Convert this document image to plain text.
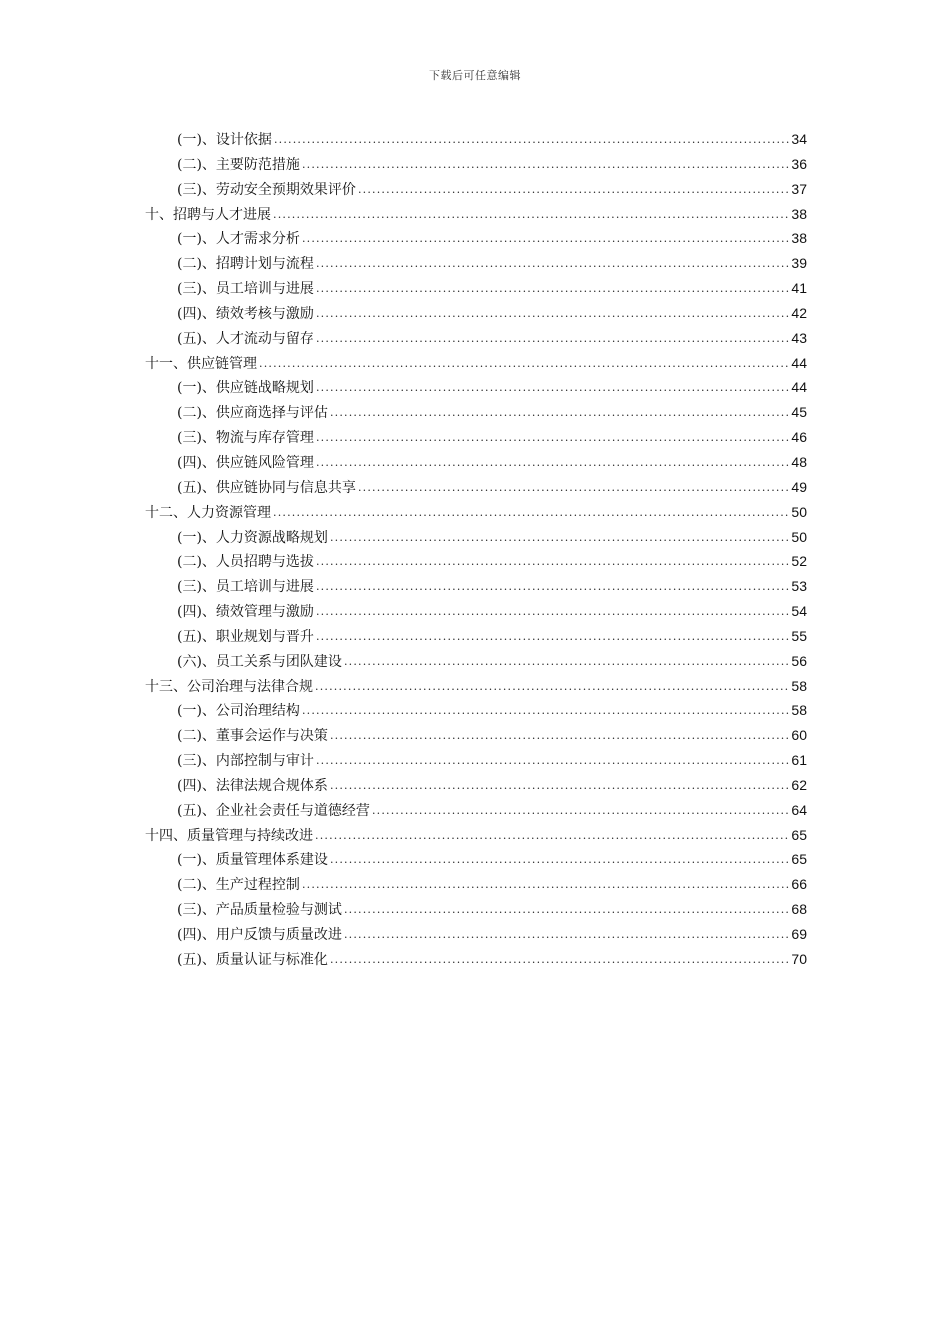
下载后可任意编辑
(一)、设计依据 .....	34
(二)、主要防范措施 .....	36
(三)、劳动安全预期效果评价 .....	37
十、招聘与人才进展 .....	38
(一)、人才需求分析 .....	38
(二)、招聘计划与流程 .....	39
(三)、员工培训与进展 .....	41
(四)、绩效考核与激励 .....	42
(五)、人才流动与留存 .....	43
十一、供应链管理 .....	44
(一)、供应链战略规划 .....	44
(二)、供应商选择与评估 .....	45
(三)、物流与库存管理 .....	46
(四)、供应链风险管理 .....	48
(五)、供应链协同与信息共享 .....	49
十二、人力资源管理 .....	50
(一)、人力资源战略规划 .....	50
(二)、人员招聘与选拔 .....	52
(三)、员工培训与进展 .....	53
(四)、绩效管理与激励 .....	54
(五)、职业规划与晋升 .....	55
(六)、员工关系与团队建设 .....	56
十三、公司治理与法律合规 .....	58
(一)、公司治理结构 .....	58
(二)、董事会运作与决策 .....	60
(三)、内部控制与审计 .....	61
(四)、法律法规合规体系 .....	62
(五)、企业社会责任与道德经营 .....	64
十四、质量管理与持续改进 .....	65
(一)、质量管理体系建设 .....	65
(二)、生产过程控制 .....	66
(三)、产品质量检验与测试 .....	68
(四)、用户反馈与质量改进 .....	69
(五)、质量认证与标准化 .....	70
